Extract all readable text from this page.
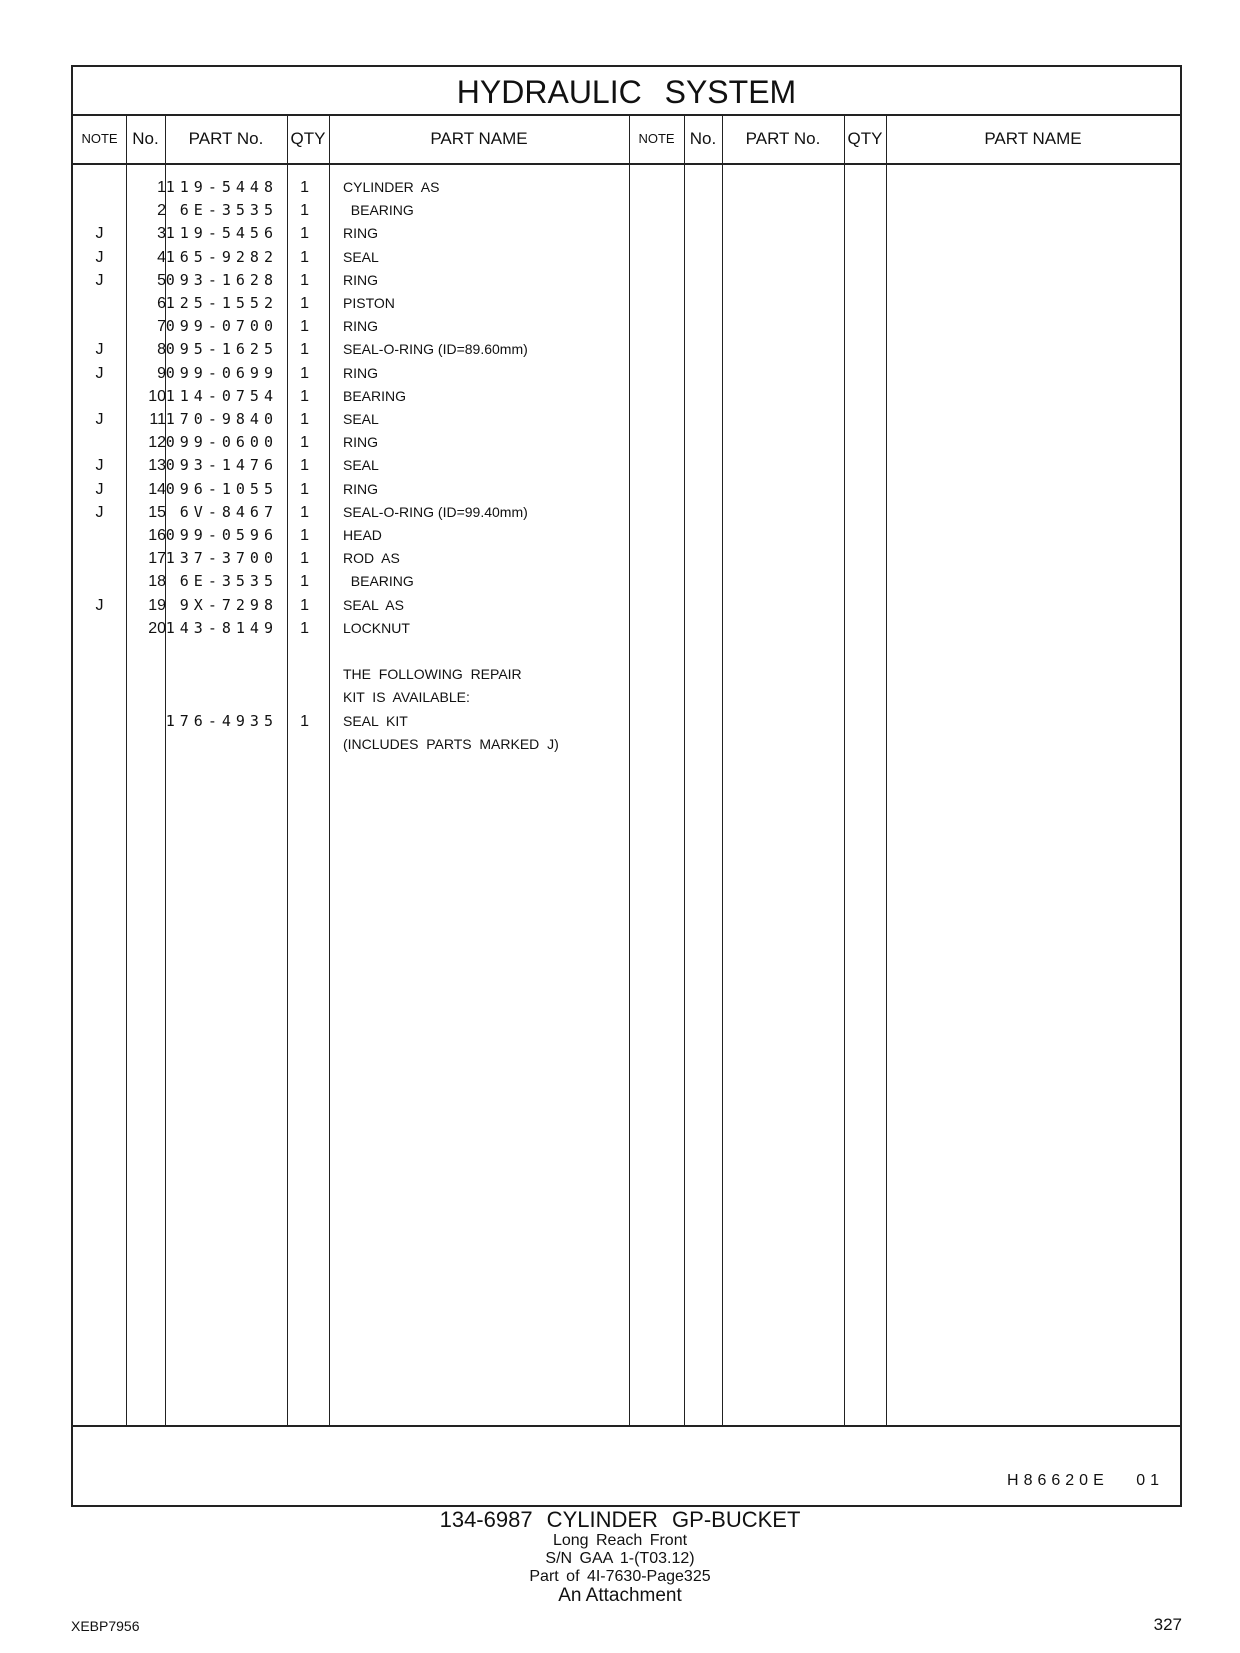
HYDRAULIC SYSTEM
NOTE No.	PART No.	QTY	PART NAME	NOTE No.	PART No.	QTY	PART NAME
1 119-5448	1 CYLINDER  AS
2 6E-3535	1 BEARING
J	3 119-5456	1 RING
J	4 165-9282	1 SEAL
J	5 093-1628	1 RING
6 125-1552	1 PISTON
7 099-0700	1 RING
J	8 095-1625	1 SEAL-O-RING (ID=89.60mm)
J	9 099-0699	1 RING
10 114-0754	1 BEARING
J	11 170-9840	1 SEAL
12 099-0600	1 RING
J	13 093-1476	1 SEAL
J	14 096-1055	1 RING
J	15 6V-8467	1 SEAL-O-RING (ID=99.40mm)
16 099-0596	1 HEAD
17 137-3700	1 ROD  AS
18 6E-3535	1 BEARING
J	19 9X-7298	1 SEAL  AS
20 143-8149	1 LOCKNUT
THE  FOLLOWING  REPAIR
KIT  IS  AVAILABLE:
176-4935	1 SEAL  KIT
(INCLUDES  PARTS  MARKED  J)
H86620E 01
134-6987 CYLINDER GP-BUCKET
Long Reach Front
S/N GAA 1-(T03.12)
Part of 4I-7630-Page325
An Attachment
XEBP7956	327
